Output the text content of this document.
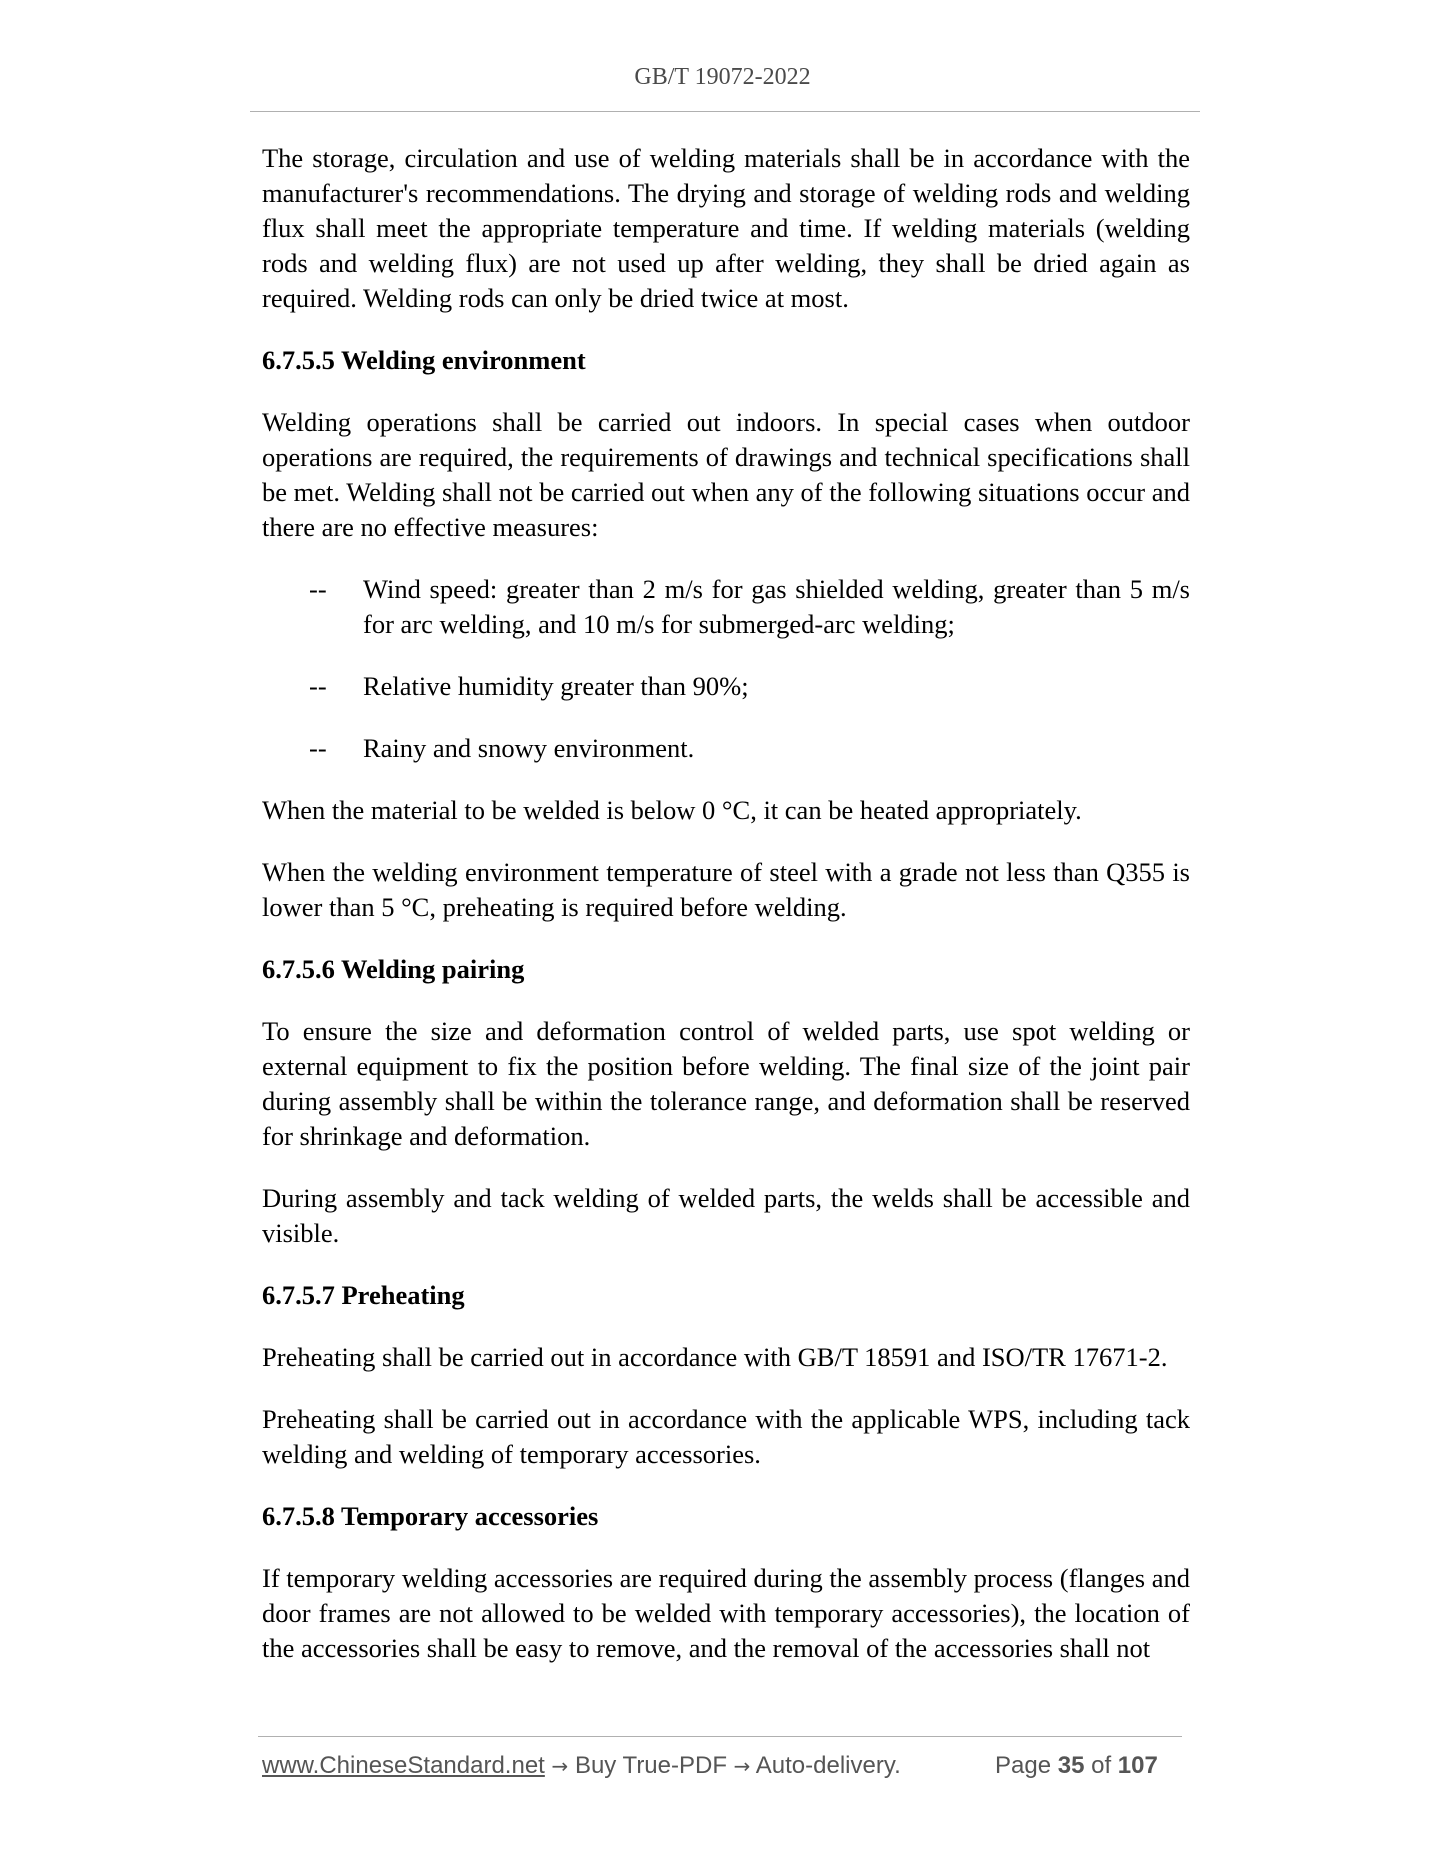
GB/T 19072-2022

The storage, circulation and use of welding materials shall be in accordance with the manufacturer's recommendations. The drying and storage of welding rods and welding flux shall meet the appropriate temperature and time. If welding materials (welding rods and welding flux) are not used up after welding, they shall be dried again as required. Welding rods can only be dried twice at most.

6.7.5.5 Welding environment

Welding operations shall be carried out indoors. In special cases when outdoor operations are required, the requirements of drawings and technical specifications shall be met. Welding shall not be carried out when any of the following situations occur and there are no effective measures:

--	Wind speed: greater than 2 m/s for gas shielded welding, greater than 5 m/s for arc welding, and 10 m/s for submerged-arc welding;
--	Relative humidity greater than 90%;
--	Rainy and snowy environment.

When the material to be welded is below 0 °C, it can be heated appropriately.

When the welding environment temperature of steel with a grade not less than Q355 is lower than 5 °C, preheating is required before welding.

6.7.5.6 Welding pairing

To ensure the size and deformation control of welded parts, use spot welding or external equipment to fix the position before welding. The final size of the joint pair during assembly shall be within the tolerance range, and deformation shall be reserved for shrinkage and deformation.

During assembly and tack welding of welded parts, the welds shall be accessible and visible.

6.7.5.7 Preheating

Preheating shall be carried out in accordance with GB/T 18591 and ISO/TR 17671-2.

Preheating shall be carried out in accordance with the applicable WPS, including tack welding and welding of temporary accessories.

6.7.5.8 Temporary accessories

If temporary welding accessories are required during the assembly process (flanges and door frames are not allowed to be welded with temporary accessories), the location of the accessories shall be easy to remove, and the removal of the accessories shall not

www.ChineseStandard.net → Buy True-PDF → Auto-delivery.	Page 35 of 107
